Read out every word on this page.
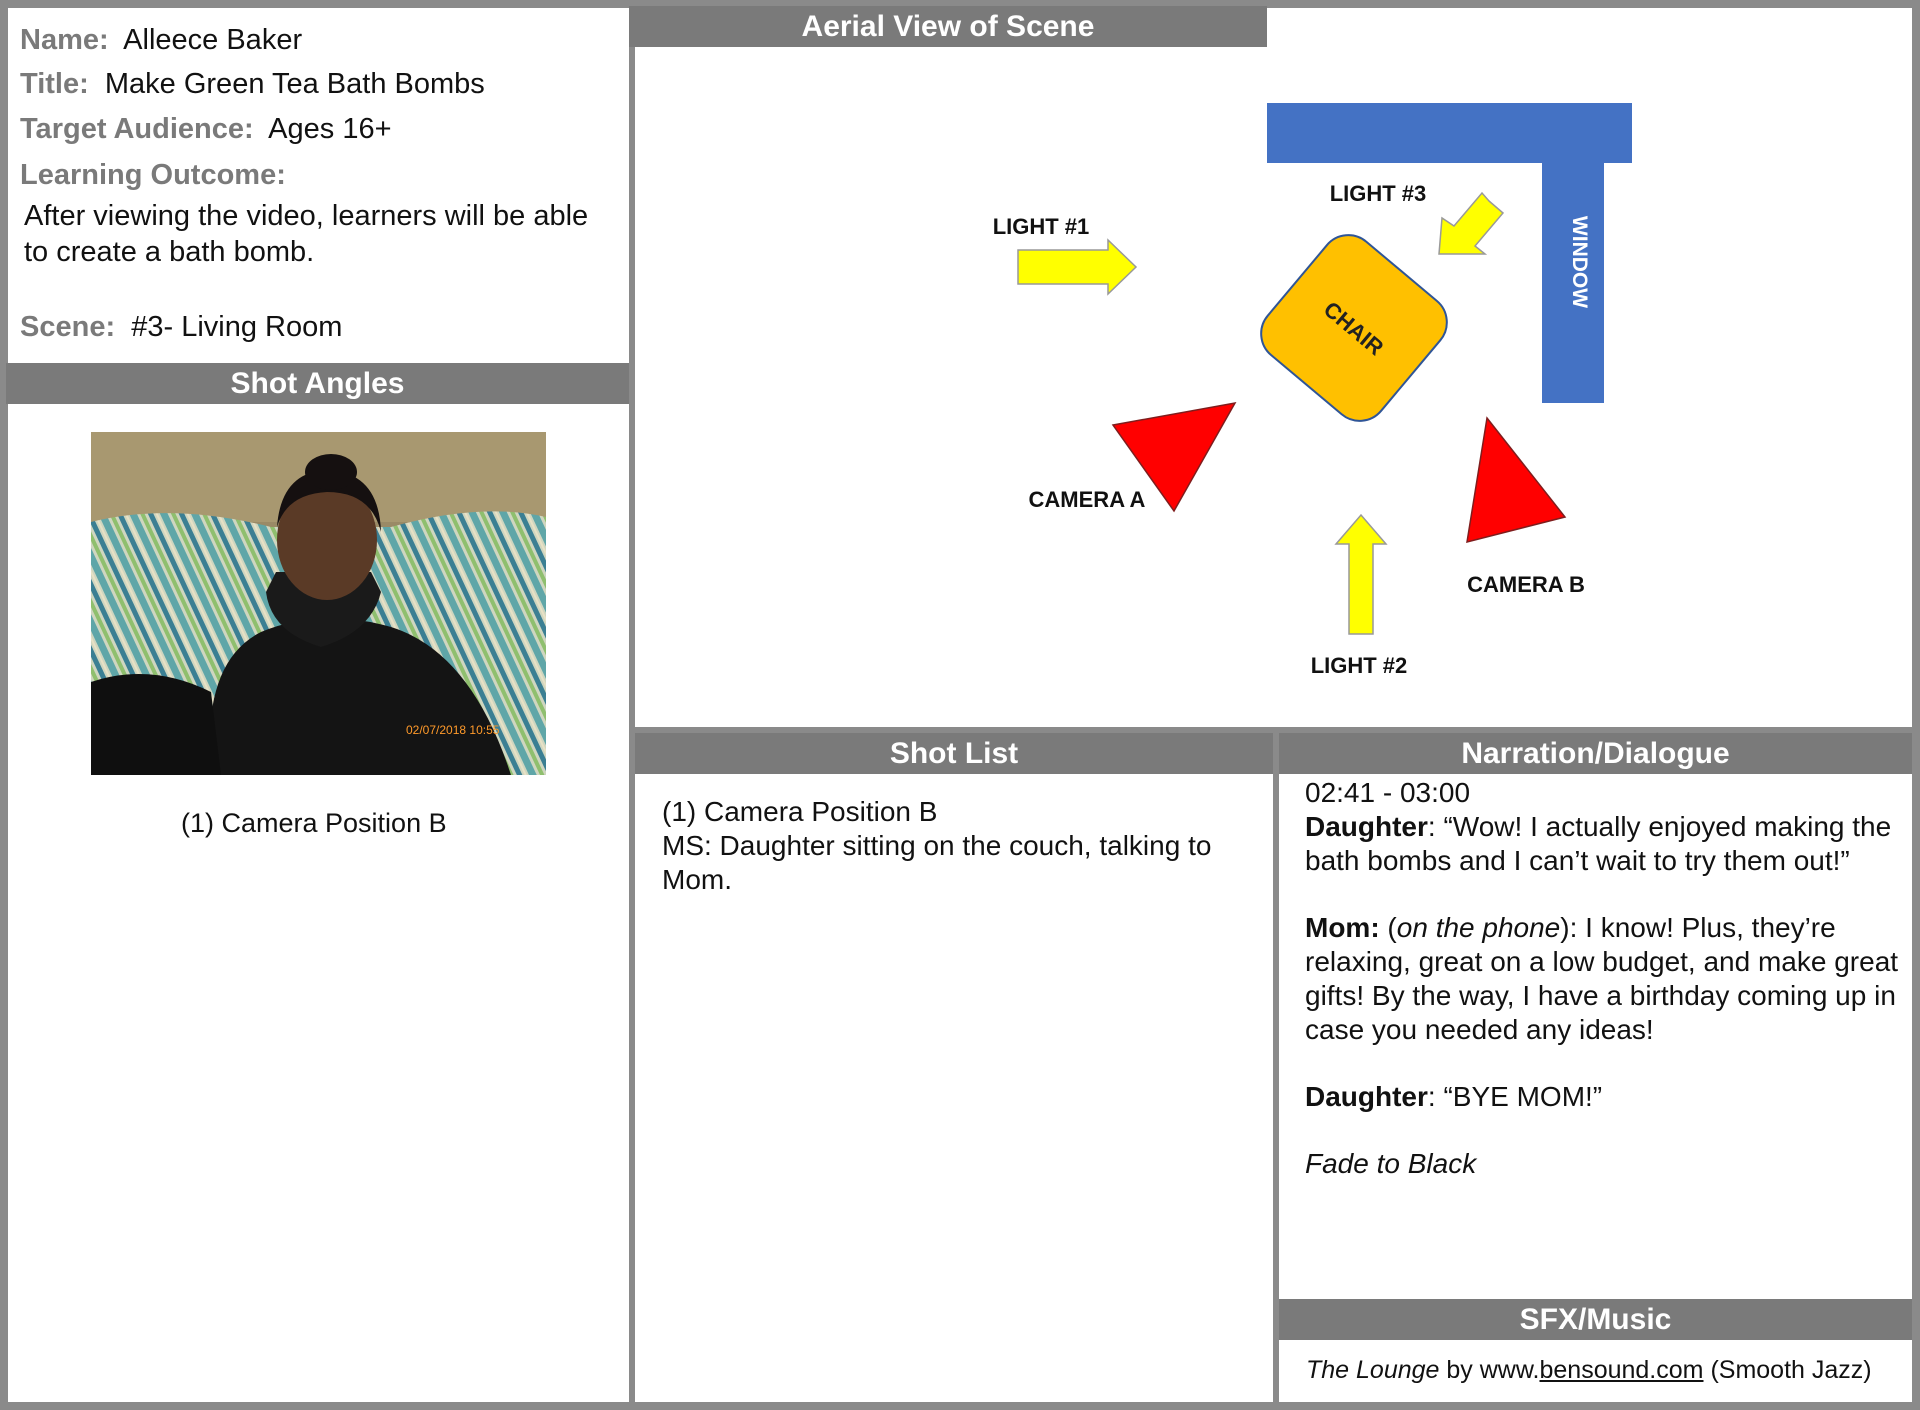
Name: Alleece Baker
Title: Make Green Tea Bath Bombs
Target Audience: Ages 16+
Learning Outcome:
After viewing the video, learners will be able
to create a bath bomb.
Scene: #3- Living Room
Shot Angles
Aerial View of Scene
Shot List	Narration/Dialogue
SFX/Music
02/07/2018 10:55
(1) Camera Position B
WINDOW
CHAIR
LIGHT #1
LIGHT #3
LIGHT #2
CAMERA A
CAMERA B
(1) Camera Position B
MS: Daughter sitting on the couch, talking to
Mom.

02:41 - 03:00

Daughter: “Wow! I actually enjoyed making the

bath bombs and I can’t wait to try them out!”

Mom: (on the phone): I know! Plus, they’re

relaxing, great on a low budget, and make great

gifts! By the way, I have a birthday coming up in

case you needed any ideas!

Daughter: “BYE MOM!”

Fade to Black

The Lounge by www.bensound.com (Smooth Jazz)
